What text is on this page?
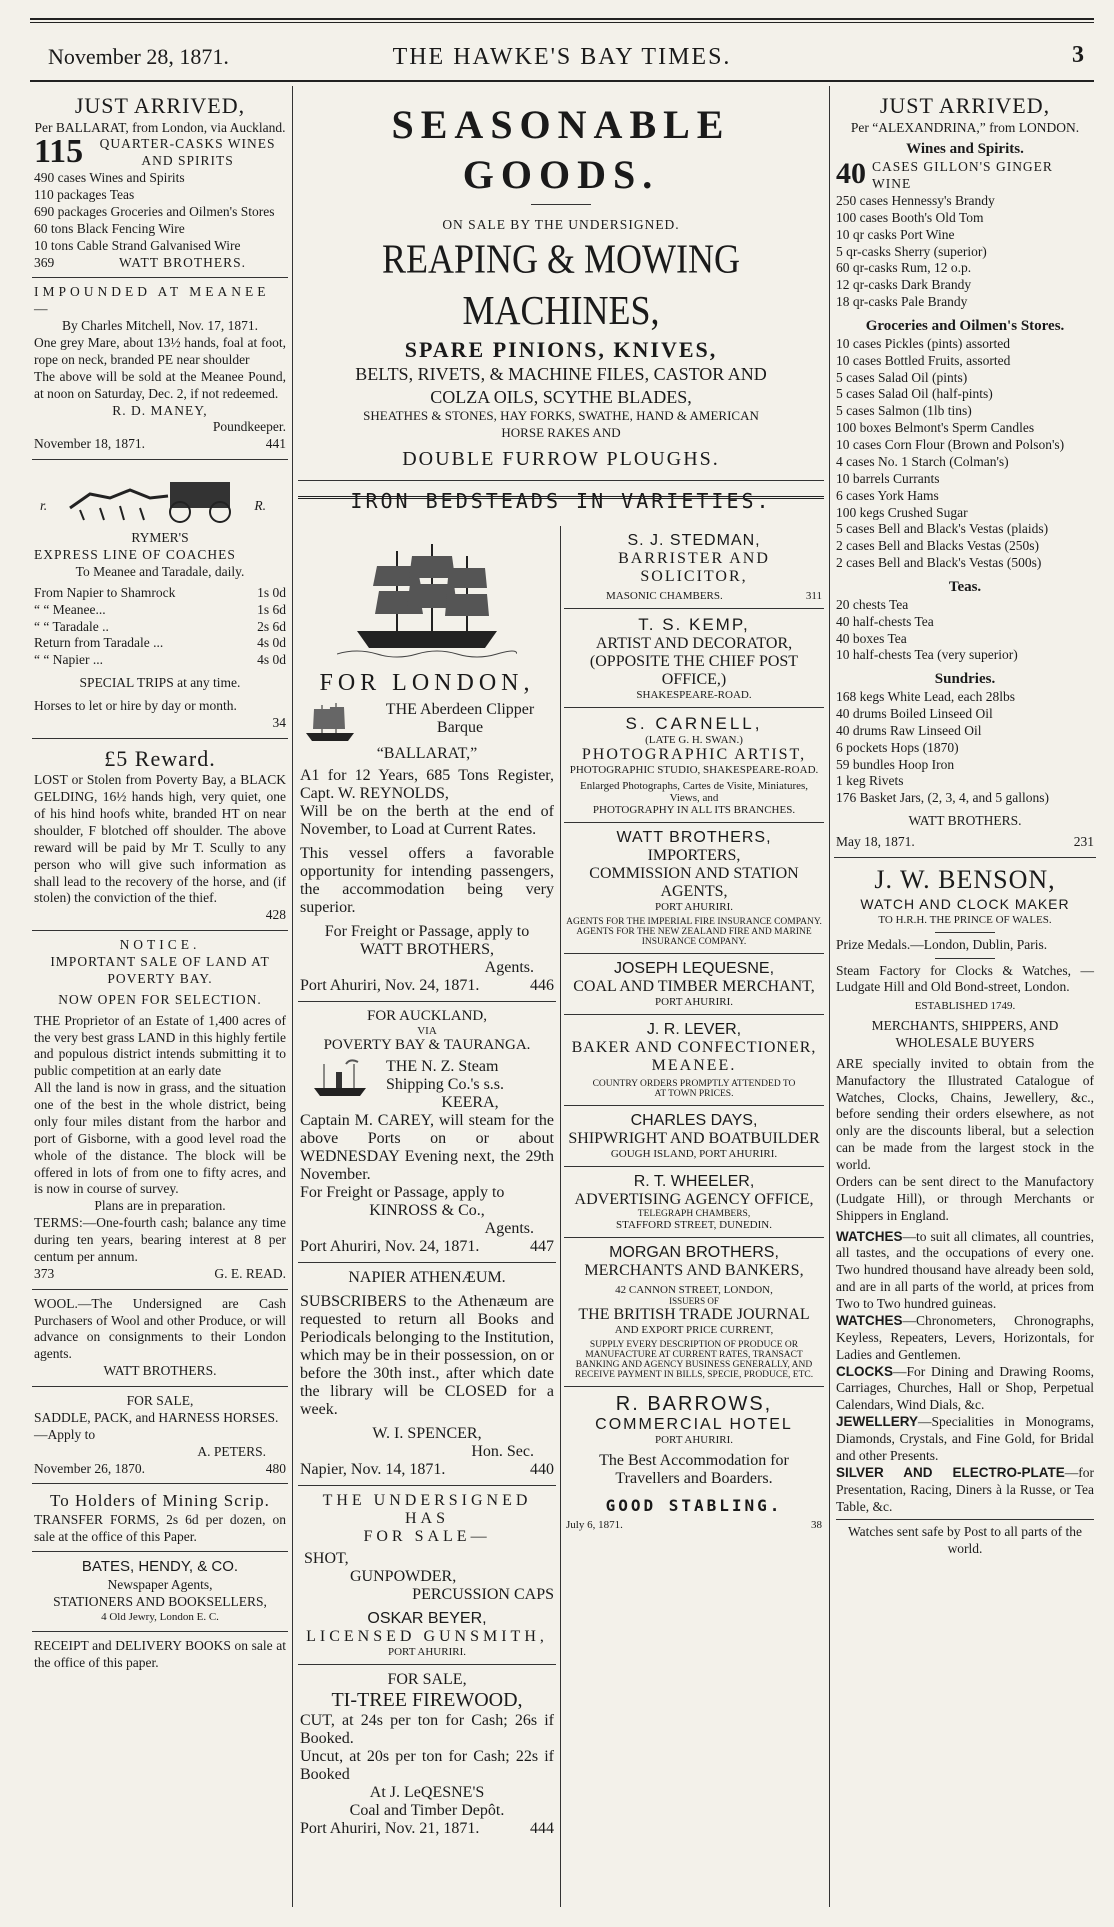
November 28, 1871.	THE HAWKE'S BAY TIMES.	3
JUST ARRIVED,
Per BALLARAT, from London, via Auckland.
115	QUARTER-CASKS WINES AND SPIRITS
490 cases Wines and Spirits
110 packages Teas
690 packages Groceries and Oilmen's Stores
60 tons Black Fencing Wire
10 tons Cable Strand Galvanised Wire
369	WATT BROTHERS.
IMPOUNDED AT MEANEE—
By Charles Mitchell, Nov. 17, 1871.
One grey Mare, about 13½ hands, foal at foot, rope on neck, branded PE near shoulder
The above will be sold at the Meanee Pound, at noon on Saturday, Dec. 2, if not redeemed.
R. D. MANEY,
Poundkeeper.
November 18, 1871.	441
r.	R.
RYMER'S
EXPRESS LINE OF COACHES
To Meanee and Taradale, daily.
From Napier to Shamrock	1s 0d
“ “ Meanee...	1s 6d
“ “ Taradale ..	2s 6d
Return from Taradale ...	4s 0d
“ “ Napier ...	4s 0d
SPECIAL TRIPS at any time.
Horses to let or hire by day or month.
34
£5 Reward.
LOST or Stolen from Poverty Bay, a BLACK GELDING, 16½ hands high, very quiet, one of his hind hoofs white, branded HT on near shoulder, F blotched off shoulder. The above reward will be paid by Mr T. Scully to any person who will give such information as shall lead to the recovery of the horse, and (if stolen) the conviction of the thief.
428
NOTICE.
IMPORTANT SALE OF LAND AT POVERTY BAY.
NOW OPEN FOR SELECTION.
THE Proprietor of an Estate of 1,400 acres of the very best grass LAND in this highly fertile and populous district intends submitting it to public competition at an early date
All the land is now in grass, and the situation one of the best in the whole district, being only four miles distant from the harbor and port of Gisborne, with a good level road the whole of the distance. The block will be offered in lots of from one to fifty acres, and is now in course of survey.
Plans are in preparation.
TERMS:—One-fourth cash; balance any time during ten years, bearing interest at 8 per centum per annum.
373	G. E. READ.
WOOL.—The Undersigned are Cash Purchasers of Wool and other Produce, or will advance on consignments to their London agents.
WATT BROTHERS.
FOR SALE,
SADDLE, PACK, and HARNESS HORSES.—Apply to
A. PETERS.
November 26, 1870.	480
To Holders of Mining Scrip.
TRANSFER FORMS, 2s 6d per dozen, on sale at the office of this Paper.
BATES, HENDY, & CO.
Newspaper Agents,
STATIONERS AND BOOKSELLERS,
4 Old Jewry, London E. C.
RECEIPT and DELIVERY BOOKS on sale at the office of this paper.
SEASONABLE GOODS.
ON SALE BY THE UNDERSIGNED.
REAPING & MOWING MACHINES,
SPARE PINIONS, KNIVES,
BELTS, RIVETS, & MACHINE FILES, CASTOR AND
COLZA OILS, SCYTHE BLADES,
SHEATHES & STONES, HAY FORKS, SWATHE, HAND & AMERICAN
HORSE RAKES AND
DOUBLE FURROW PLOUGHS.
IRON BEDSTEADS IN VARIETIES.
FOR LONDON,
THE Aberdeen Clipper Barque
“BALLARAT,”
A1 for 12 Years, 685 Tons Register, Capt. W. REYNOLDS,
Will be on the berth at the end of November, to Load at Current Rates.
This vessel offers a favorable opportunity for intending passengers, the accommodation being very superior.
For Freight or Passage, apply to
WATT BROTHERS,
Agents.
Port Ahuriri, Nov. 24, 1871.	446
FOR AUCKLAND,
VIA
POVERTY BAY & TAURANGA.
THE N. Z. Steam Shipping Co.'s s.s.
KEERA,
Captain M. CAREY, will steam for the above Ports on or about WEDNESDAY Evening next, the 29th November.
For Freight or Passage, apply to
KINROSS & Co.,
Agents.
Port Ahuriri, Nov. 24, 1871.	447
NAPIER ATHENÆUM.
SUBSCRIBERS to the Athenæum are requested to return all Books and Periodicals belonging to the Institution, which may be in their possession, on or before the 30th inst., after which date the library will be CLOSED for a week.
W. I. SPENCER,
Hon. Sec.
Napier, Nov. 14, 1871.	440
THE UNDERSIGNED HAS
FOR SALE—
SHOT,
GUNPOWDER,
PERCUSSION CAPS
OSKAR BEYER,
LICENSED GUNSMITH,
PORT AHURIRI.
FOR SALE,
TI-TREE FIREWOOD,
CUT, at 24s per ton for Cash; 26s if Booked.
Uncut, at 20s per ton for Cash; 22s if Booked
At J. LeQESNE'S
Coal and Timber Depôt.
Port Ahuriri, Nov. 21, 1871.	444
S. J. STEDMAN,
BARRISTER AND SOLICITOR,
MASONIC CHAMBERS.	311
T. S. KEMP,
ARTIST AND DECORATOR,
(OPPOSITE THE CHIEF POST OFFICE,)
SHAKESPEARE-ROAD.
S. CARNELL,
(LATE G. H. SWAN.)
PHOTOGRAPHIC ARTIST,
PHOTOGRAPHIC STUDIO, SHAKESPEARE-ROAD.
Enlarged Photographs, Cartes de Visite, Miniatures, Views, and
PHOTOGRAPHY IN ALL ITS BRANCHES.
WATT BROTHERS,
IMPORTERS,
COMMISSION AND STATION AGENTS,
PORT AHURIRI.
AGENTS FOR THE IMPERIAL FIRE INSURANCE COMPANY.
AGENTS FOR THE NEW ZEALAND FIRE AND MARINE INSURANCE COMPANY.
JOSEPH LEQUESNE,
COAL AND TIMBER MERCHANT,
PORT AHURIRI.
J. R. LEVER,
BAKER AND CONFECTIONER,
MEANEE.
COUNTRY ORDERS PROMPTLY ATTENDED TO
AT TOWN PRICES.
CHARLES DAYS,
SHIPWRIGHT AND BOATBUILDER
GOUGH ISLAND, PORT AHURIRI.
R. T. WHEELER,
ADVERTISING AGENCY OFFICE,
TELEGRAPH CHAMBERS,
STAFFORD STREET, DUNEDIN.
MORGAN BROTHERS,
MERCHANTS AND BANKERS,
42 CANNON STREET, LONDON,
ISSUERS OF
THE BRITISH TRADE JOURNAL
AND EXPORT PRICE CURRENT,
SUPPLY EVERY DESCRIPTION OF PRODUCE OR MANUFACTURE AT CURRENT RATES, TRANSACT BANKING AND AGENCY BUSINESS GENERALLY, AND RECEIVE PAYMENT IN BILLS, SPECIE, PRODUCE, ETC.
R. BARROWS,
COMMERCIAL HOTEL
PORT AHURIRI.
The Best Accommodation for Travellers and Boarders.
GOOD STABLING.
July 6, 1871.	38
JUST ARRIVED,
Per “ALEXANDRINA,” from LONDON.
Wines and Spirits.
40 CASES GILLON'S GINGER WINE
250 cases Hennessy's Brandy
100 cases Booth's Old Tom
10 qr casks Port Wine
5 qr-casks Sherry (superior)
60 qr-casks Rum, 12 o.p.
12 qr-casks Dark Brandy
18 qr-casks Pale Brandy
Groceries and Oilmen's Stores.
10 cases Pickles (pints) assorted
10 cases Bottled Fruits, assorted
5 cases Salad Oil (pints)
5 cases Salad Oil (half-pints)
5 cases Salmon (1lb tins)
100 boxes Belmont's Sperm Candles
10 cases Corn Flour (Brown and Polson's)
4 cases No. 1 Starch (Colman's)
10 barrels Currants
6 cases York Hams
100 kegs Crushed Sugar
5 cases Bell and Black's Vestas (plaids)
2 cases Bell and Blacks Vestas (250s)
2 cases Bell and Black's Vestas (500s)
Teas.
20 chests Tea
40 half-chests Tea
40 boxes Tea
10 half-chests Tea (very superior)
Sundries.
168 kegs White Lead, each 28lbs
40 drums Boiled Linseed Oil
40 drums Raw Linseed Oil
6 pockets Hops (1870)
59 bundles Hoop Iron
1 keg Rivets
176 Basket Jars, (2, 3, 4, and 5 gallons)
WATT BROTHERS.
May 18, 1871.	231
J. W. BENSON,
WATCH AND CLOCK MAKER
TO H.R.H. THE PRINCE OF WALES.
Prize Medals.—London, Dublin, Paris.
Steam Factory for Clocks & Watches, —Ludgate Hill and Old Bond-street, London.
ESTABLISHED 1749.
MERCHANTS, SHIPPERS, AND WHOLESALE BUYERS
ARE specially invited to obtain from the Manufactory the Illustrated Catalogue of Watches, Clocks, Chains, Jewellery, &c., before sending their orders elsewhere, as not only are the discounts liberal, but a selection can be made from the largest stock in the world.
Orders can be sent direct to the Manufactory (Ludgate Hill), or through Merchants or Shippers in England.
WATCHES—to suit all climates, all countries, all tastes, and the occupations of every one. Two hundred thousand have already been sold, and are in all parts of the world, at prices from Two to Two hundred guineas.
WATCHES—Chronometers, Chronographs, Keyless, Repeaters, Levers, Horizontals, for Ladies and Gentlemen.
CLOCKS—For Dining and Drawing Rooms, Carriages, Churches, Hall or Shop, Perpetual Calendars, Wind Dials, &c.
JEWELLERY—Specialities in Monograms, Diamonds, Crystals, and Fine Gold, for Bridal and other Presents.
SILVER AND ELECTRO-PLATE—for Presentation, Racing, Diners à la Russe, or Tea Table, &c.
Watches sent safe by Post to all parts of the world.
